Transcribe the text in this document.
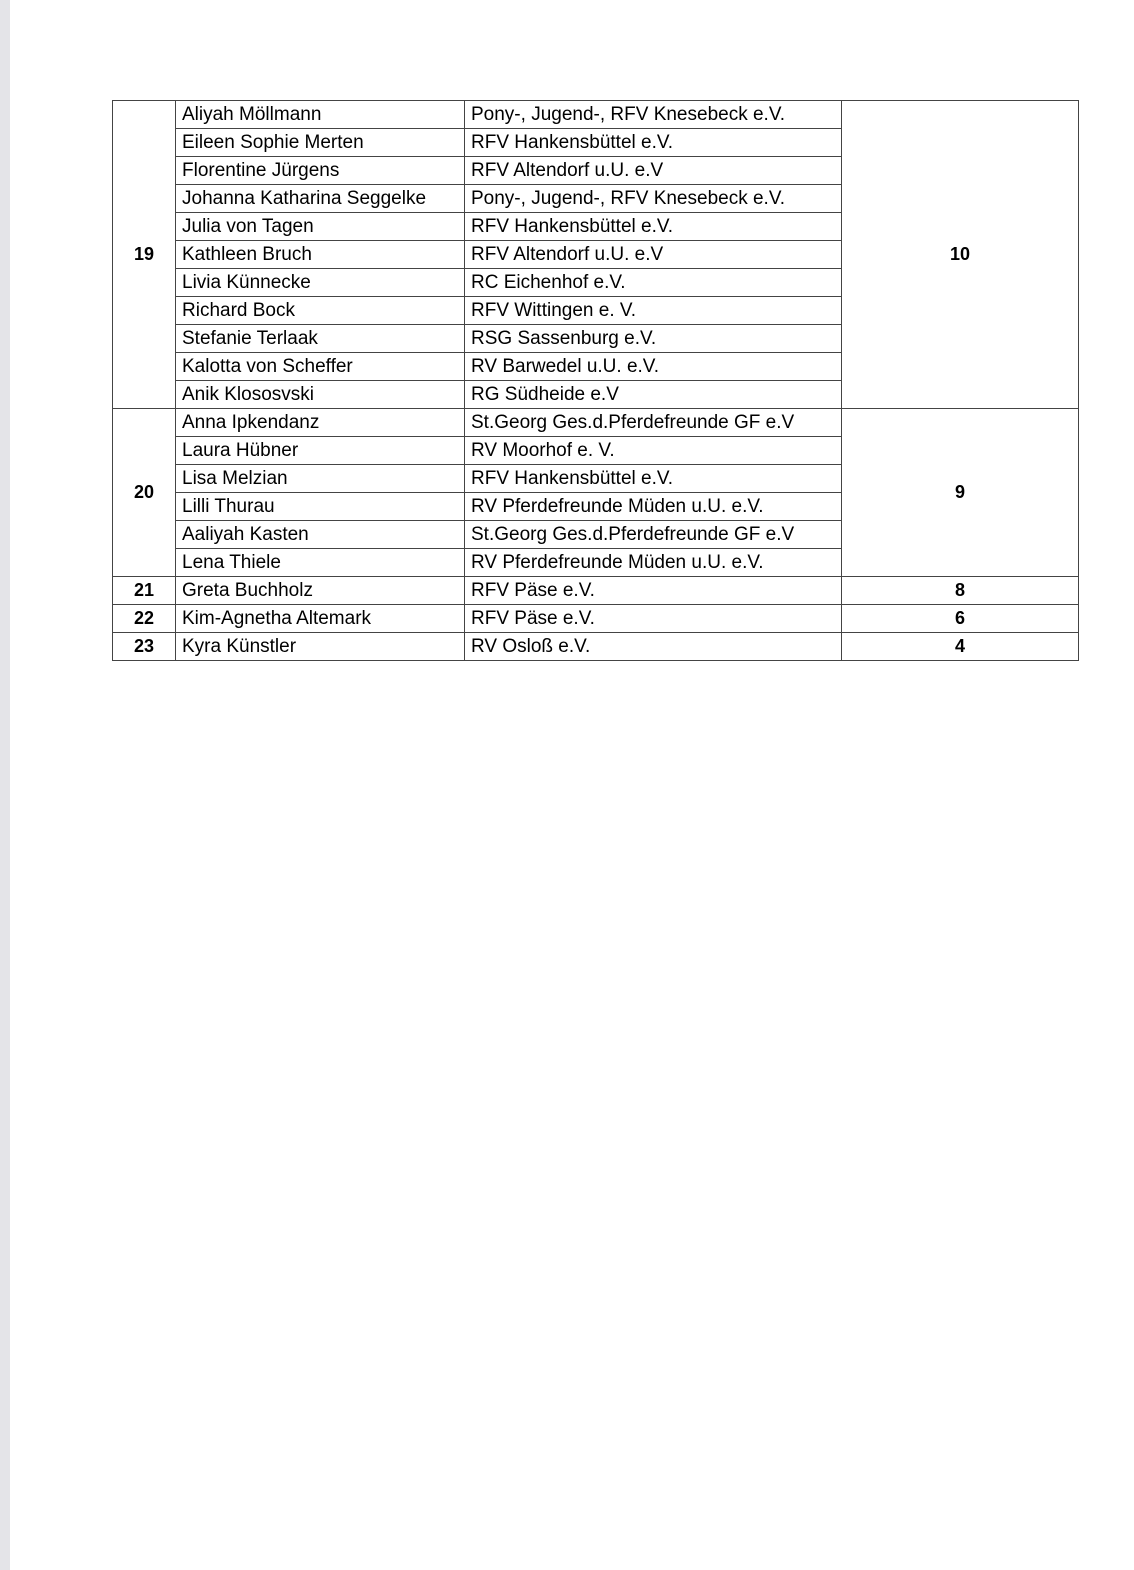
19	Aliyah Möllmann	Pony-, Jugend-, RFV Knesebeck e.V.	10
	Eileen Sophie Merten	RFV Hankensbüttel e.V.	
	Florentine Jürgens	RFV Altendorf u.U. e.V	
	Johanna Katharina Seggelke	Pony-, Jugend-, RFV Knesebeck e.V.	
	Julia von Tagen	RFV Hankensbüttel e.V.	
	Kathleen Bruch	RFV Altendorf u.U. e.V	
	Livia Künnecke	RC Eichenhof e.V.	
	Richard Bock	RFV Wittingen e. V.	
	Stefanie Terlaak	RSG Sassenburg e.V.	
	Kalotta von Scheffer	RV Barwedel u.U. e.V.	
	Anik Klososvski	RG Südheide e.V	
20	Anna Ipkendanz	St.Georg Ges.d.Pferdefreunde GF e.V	9
	Laura Hübner	RV Moorhof e. V.	
	Lisa Melzian	RFV Hankensbüttel e.V.	
	Lilli Thurau	RV Pferdefreunde Müden u.U. e.V.	
	Aaliyah Kasten	St.Georg Ges.d.Pferdefreunde GF e.V	
	Lena Thiele	RV Pferdefreunde Müden u.U. e.V.	
21	Greta Buchholz	RFV Päse e.V.	8
22	Kim-Agnetha Altemark	RFV Päse e.V.	6
23	Kyra Künstler	RV Osloß e.V.	4
